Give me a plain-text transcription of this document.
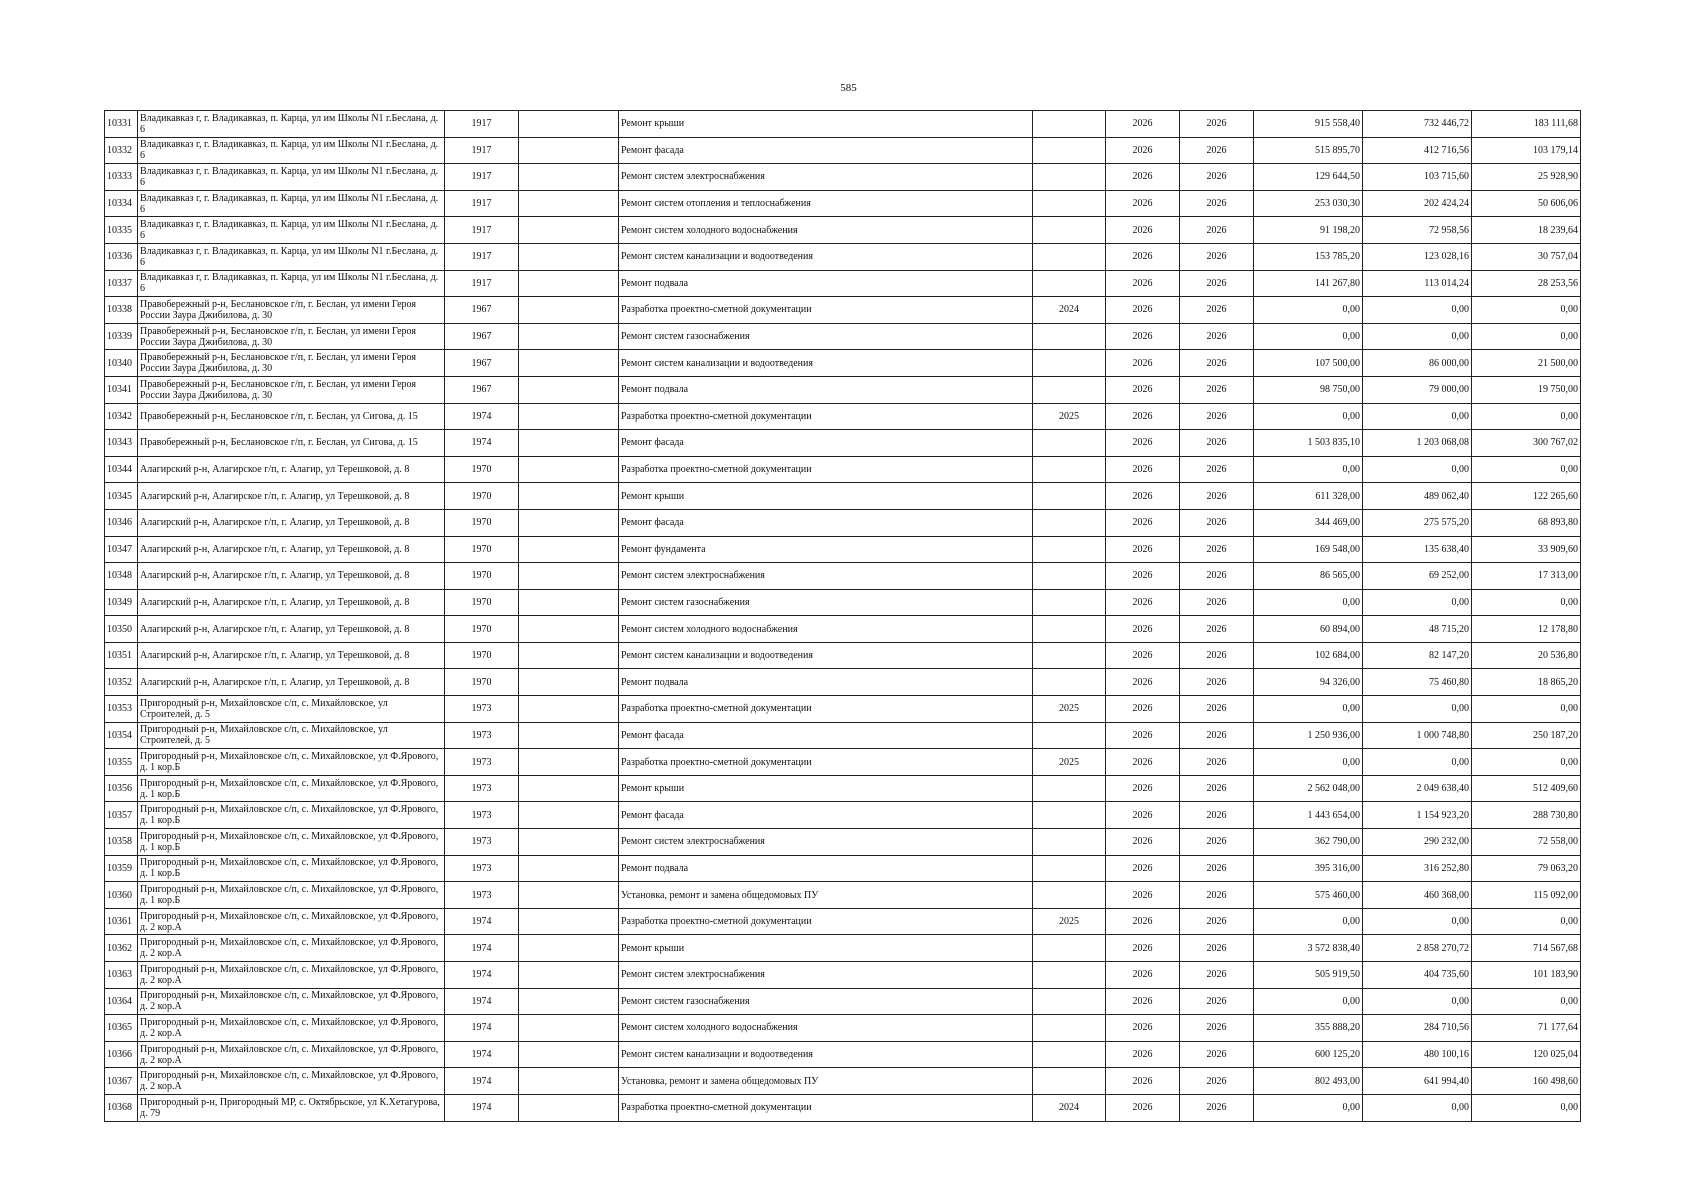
585
10331	Владикавказ г, г. Владикавказ, п. Карца, ул им Школы N1 г.Беслана, д. 6	1917		Ремонт крыши		2026	2026	915 558,40	732 446,72	183 111,68
10332	Владикавказ г, г. Владикавказ, п. Карца, ул им Школы N1 г.Беслана, д. 6	1917		Ремонт фасада		2026	2026	515 895,70	412 716,56	103 179,14
10333	Владикавказ г, г. Владикавказ, п. Карца, ул им Школы N1 г.Беслана, д. 6	1917		Ремонт систем электроснабжения		2026	2026	129 644,50	103 715,60	25 928,90
10334	Владикавказ г, г. Владикавказ, п. Карца, ул им Школы N1 г.Беслана, д. 6	1917		Ремонт систем отопления и теплоснабжения		2026	2026	253 030,30	202 424,24	50 606,06
10335	Владикавказ г, г. Владикавказ, п. Карца, ул им Школы N1 г.Беслана, д. 6	1917		Ремонт систем холодного водоснабжения		2026	2026	91 198,20	72 958,56	18 239,64
10336	Владикавказ г, г. Владикавказ, п. Карца, ул им Школы N1 г.Беслана, д. 6	1917		Ремонт систем канализации и водоотведения		2026	2026	153 785,20	123 028,16	30 757,04
10337	Владикавказ г, г. Владикавказ, п. Карца, ул им Школы N1 г.Беслана, д. 6	1917		Ремонт подвала		2026	2026	141 267,80	113 014,24	28 253,56
10338	Правобережный р-н, Беслановское г/п, г. Беслан, ул имени Героя России Заура Джибилова, д. 30	1967		Разработка проектно-сметной документации	2024	2026	2026	0,00	0,00	0,00
10339	Правобережный р-н, Беслановское г/п, г. Беслан, ул имени Героя России Заура Джибилова, д. 30	1967		Ремонт систем газоснабжения		2026	2026	0,00	0,00	0,00
10340	Правобережный р-н, Беслановское г/п, г. Беслан, ул имени Героя России Заура Джибилова, д. 30	1967		Ремонт систем канализации и водоотведения		2026	2026	107 500,00	86 000,00	21 500,00
10341	Правобережный р-н, Беслановское г/п, г. Беслан, ул имени Героя России Заура Джибилова, д. 30	1967		Ремонт подвала		2026	2026	98 750,00	79 000,00	19 750,00
10342	Правобережный р-н, Беслановское г/п, г. Беслан, ул Сигова, д. 15	1974		Разработка проектно-сметной документации	2025	2026	2026	0,00	0,00	0,00
10343	Правобережный р-н, Беслановское г/п, г. Беслан, ул Сигова, д. 15	1974		Ремонт фасада		2026	2026	1 503 835,10	1 203 068,08	300 767,02
10344	Алагирский р-н, Алагирское г/п, г. Алагир, ул Терешковой, д. 8	1970		Разработка проектно-сметной документации		2026	2026	0,00	0,00	0,00
10345	Алагирский р-н, Алагирское г/п, г. Алагир, ул Терешковой, д. 8	1970		Ремонт крыши		2026	2026	611 328,00	489 062,40	122 265,60
10346	Алагирский р-н, Алагирское г/п, г. Алагир, ул Терешковой, д. 8	1970		Ремонт фасада		2026	2026	344 469,00	275 575,20	68 893,80
10347	Алагирский р-н, Алагирское г/п, г. Алагир, ул Терешковой, д. 8	1970		Ремонт фундамента		2026	2026	169 548,00	135 638,40	33 909,60
10348	Алагирский р-н, Алагирское г/п, г. Алагир, ул Терешковой, д. 8	1970		Ремонт систем электроснабжения		2026	2026	86 565,00	69 252,00	17 313,00
10349	Алагирский р-н, Алагирское г/п, г. Алагир, ул Терешковой, д. 8	1970		Ремонт систем газоснабжения		2026	2026	0,00	0,00	0,00
10350	Алагирский р-н, Алагирское г/п, г. Алагир, ул Терешковой, д. 8	1970		Ремонт систем холодного водоснабжения		2026	2026	60 894,00	48 715,20	12 178,80
10351	Алагирский р-н, Алагирское г/п, г. Алагир, ул Терешковой, д. 8	1970		Ремонт систем канализации и водоотведения		2026	2026	102 684,00	82 147,20	20 536,80
10352	Алагирский р-н, Алагирское г/п, г. Алагир, ул Терешковой, д. 8	1970		Ремонт подвала		2026	2026	94 326,00	75 460,80	18 865,20
10353	Пригородный р-н, Михайловское с/п, с. Михайловское, ул Строителей, д. 5	1973		Разработка проектно-сметной документации	2025	2026	2026	0,00	0,00	0,00
10354	Пригородный р-н, Михайловское с/п, с. Михайловское, ул Строителей, д. 5	1973		Ремонт фасада		2026	2026	1 250 936,00	1 000 748,80	250 187,20
10355	Пригородный р-н, Михайловское с/п, с. Михайловское, ул Ф.Ярового, д. 1 кор.Б	1973		Разработка проектно-сметной документации	2025	2026	2026	0,00	0,00	0,00
10356	Пригородный р-н, Михайловское с/п, с. Михайловское, ул Ф.Ярового, д. 1 кор.Б	1973		Ремонт крыши		2026	2026	2 562 048,00	2 049 638,40	512 409,60
10357	Пригородный р-н, Михайловское с/п, с. Михайловское, ул Ф.Ярового, д. 1 кор.Б	1973		Ремонт фасада		2026	2026	1 443 654,00	1 154 923,20	288 730,80
10358	Пригородный р-н, Михайловское с/п, с. Михайловское, ул Ф.Ярового, д. 1 кор.Б	1973		Ремонт систем электроснабжения		2026	2026	362 790,00	290 232,00	72 558,00
10359	Пригородный р-н, Михайловское с/п, с. Михайловское, ул Ф.Ярового, д. 1 кор.Б	1973		Ремонт подвала		2026	2026	395 316,00	316 252,80	79 063,20
10360	Пригородный р-н, Михайловское с/п, с. Михайловское, ул Ф.Ярового, д. 1 кор.Б	1973		Установка, ремонт и замена общедомовых ПУ		2026	2026	575 460,00	460 368,00	115 092,00
10361	Пригородный р-н, Михайловское с/п, с. Михайловское, ул Ф.Ярового, д. 2 кор.А	1974		Разработка проектно-сметной документации	2025	2026	2026	0,00	0,00	0,00
10362	Пригородный р-н, Михайловское с/п, с. Михайловское, ул Ф.Ярового, д. 2 кор.А	1974		Ремонт крыши		2026	2026	3 572 838,40	2 858 270,72	714 567,68
10363	Пригородный р-н, Михайловское с/п, с. Михайловское, ул Ф.Ярового, д. 2 кор.А	1974		Ремонт систем электроснабжения		2026	2026	505 919,50	404 735,60	101 183,90
10364	Пригородный р-н, Михайловское с/п, с. Михайловское, ул Ф.Ярового, д. 2 кор.А	1974		Ремонт систем газоснабжения		2026	2026	0,00	0,00	0,00
10365	Пригородный р-н, Михайловское с/п, с. Михайловское, ул Ф.Ярового, д. 2 кор.А	1974		Ремонт систем холодного водоснабжения		2026	2026	355 888,20	284 710,56	71 177,64
10366	Пригородный р-н, Михайловское с/п, с. Михайловское, ул Ф.Ярового, д. 2 кор.А	1974		Ремонт систем канализации и водоотведения		2026	2026	600 125,20	480 100,16	120 025,04
10367	Пригородный р-н, Михайловское с/п, с. Михайловское, ул Ф.Ярового, д. 2 кор.А	1974		Установка, ремонт и замена общедомовых ПУ		2026	2026	802 493,00	641 994,40	160 498,60
10368	Пригородный р-н, Пригородный МР, с. Октябрьское, ул К.Хетагурова, д. 79	1974		Разработка проектно-сметной документации	2024	2026	2026	0,00	0,00	0,00
